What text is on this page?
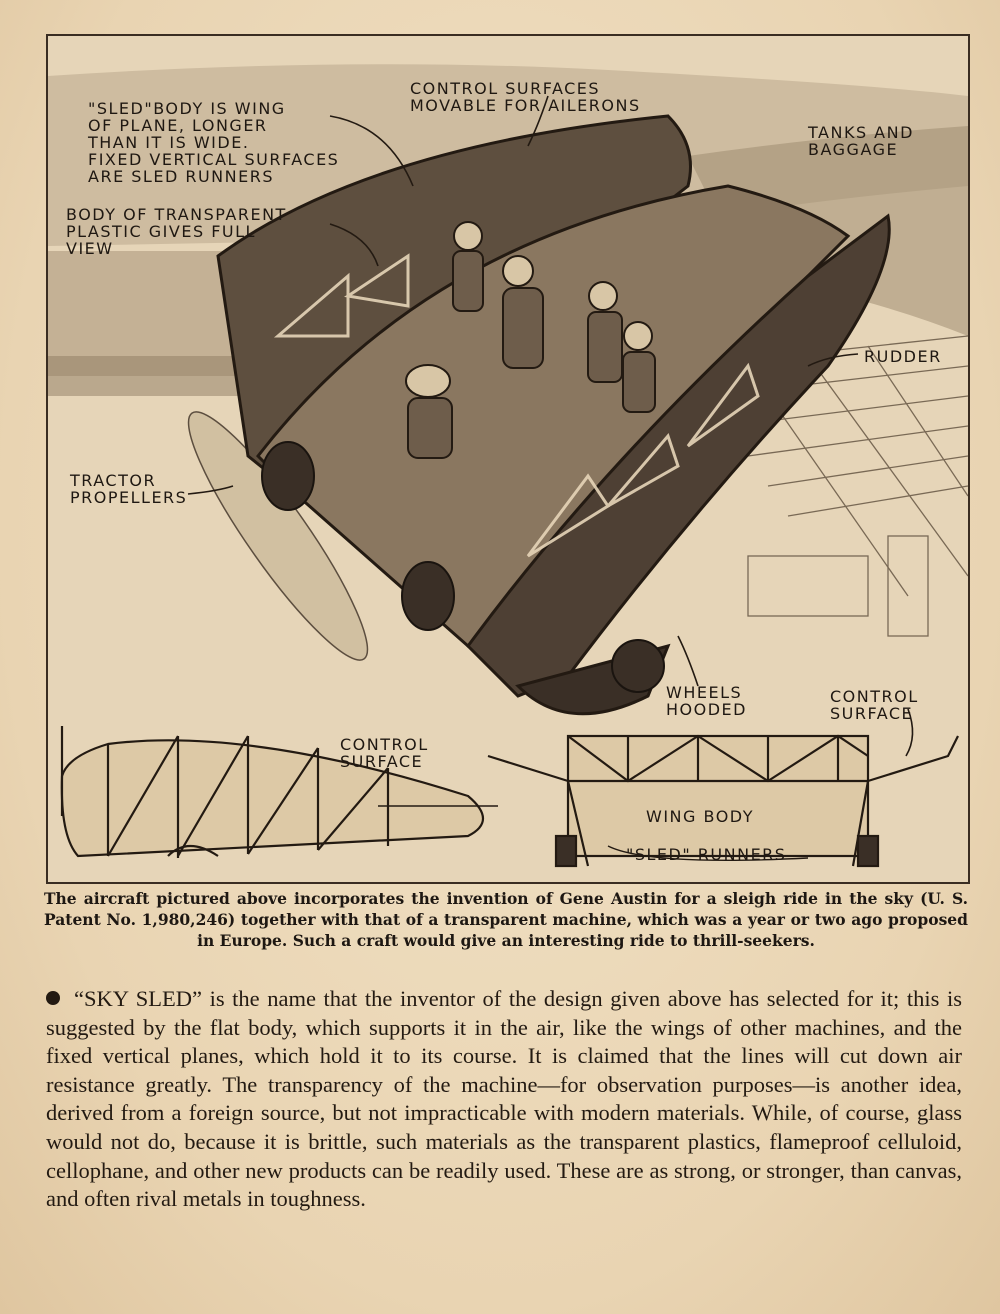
"SLED"BODY IS WING
OF PLANE, LONGER
THAN IT IS WIDE.
FIXED VERTICAL SURFACES
ARE SLED RUNNERS
BODY OF TRANSPARENT
PLASTIC GIVES FULL
VIEW
CONTROL SURFACES
MOVABLE FOR AILERONS
TANKS AND
BAGGAGE
RUDDER
TRACTOR
PROPELLERS
WHEELS
HOODED
CONTROL
SURFACE
CONTROL
SURFACE
WING BODY
"SLED" RUNNERS

The aircraft pictured above incorporates the invention of Gene Austin for a sleigh ride in the sky (U. S. Patent No. 1,980,246) together with that of a transparent machine, which was a year or two ago proposed in Europe. Such a craft would give an interesting ride to thrill-seekers.

“SKY SLED” is the name that the inventor of the design given above has selected for it; this is suggested by the flat body, which supports it in the air, like the wings of other machines, and the fixed vertical planes, which hold it to its course. It is claimed that the lines will cut down air resistance greatly. The transparency of the machine—for observation purposes—is another idea, derived from a foreign source, but not impracticable with modern materials. While, of course, glass would not do, because it is brittle, such materials as the transparent plastics, flameproof celluloid, cellophane, and other new products can be readily used. These are as strong, or stronger, than canvas, and often rival metals in toughness.
